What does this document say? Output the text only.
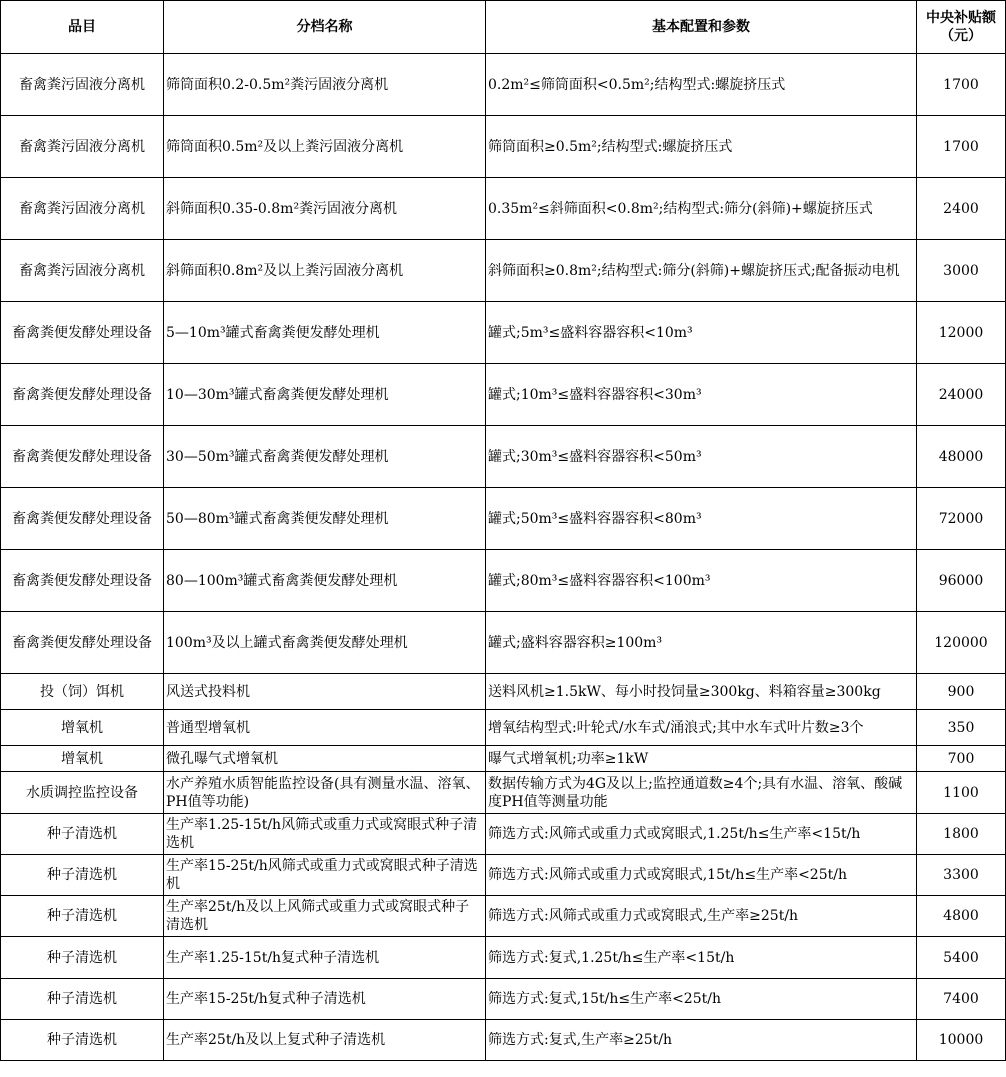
品目	分档名称	基本配置和参数	中央补贴额（元）
畜禽粪污固液分离机	筛筒面积0.2-0.5m²粪污固液分离机	0.2m²≤筛筒面积<0.5m²;结构型式:螺旋挤压式	1700
畜禽粪污固液分离机	筛筒面积0.5m²及以上粪污固液分离机	筛筒面积≥0.5m²;结构型式:螺旋挤压式	1700
畜禽粪污固液分离机	斜筛面积0.35-0.8m²粪污固液分离机	0.35m²≤斜筛面积<0.8m²;结构型式:筛分(斜筛)+螺旋挤压式	2400
畜禽粪污固液分离机	斜筛面积0.8m²及以上粪污固液分离机	斜筛面积≥0.8m²;结构型式:筛分(斜筛)+螺旋挤压式;配备振动电机	3000
畜禽粪便发酵处理设备	5—10m³罐式畜禽粪便发酵处理机	罐式;5m³≤盛料容器容积<10m³	12000
畜禽粪便发酵处理设备	10—30m³罐式畜禽粪便发酵处理机	罐式;10m³≤盛料容器容积<30m³	24000
畜禽粪便发酵处理设备	30—50m³罐式畜禽粪便发酵处理机	罐式;30m³≤盛料容器容积<50m³	48000
畜禽粪便发酵处理设备	50—80m³罐式畜禽粪便发酵处理机	罐式;50m³≤盛料容器容积<80m³	72000
畜禽粪便发酵处理设备	80—100m³罐式畜禽粪便发酵处理机	罐式;80m³≤盛料容器容积<100m³	96000
畜禽粪便发酵处理设备	100m³及以上罐式畜禽粪便发酵处理机	罐式;盛料容器容积≥100m³	120000
投（饲）饵机	风送式投料机	送料风机≥1.5kW、每小时投饲量≥300kg、料箱容量≥300kg	900
增氧机	普通型增氧机	增氧结构型式:叶轮式/水车式/涌浪式;其中水车式叶片数≥3个	350
增氧机	微孔曝气式增氧机	曝气式增氧机;功率≥1kW	700
水质调控监控设备	水产养殖水质智能监控设备(具有测量水温、溶氧、PH值等功能)	数据传输方式为4G及以上;监控通道数≥4个;具有水温、溶氧、酸碱度PH值等测量功能	1100
种子清选机	生产率1.25-15t/h风筛式或重力式或窝眼式种子清选机	筛选方式:风筛式或重力式或窝眼式,1.25t/h≤生产率<15t/h	1800
种子清选机	生产率15-25t/h风筛式或重力式或窝眼式种子清选机	筛选方式:风筛式或重力式或窝眼式,15t/h≤生产率<25t/h	3300
种子清选机	生产率25t/h及以上风筛式或重力式或窝眼式种子清选机	筛选方式:风筛式或重力式或窝眼式,生产率≥25t/h	4800
种子清选机	生产率1.25-15t/h复式种子清选机	筛选方式:复式,1.25t/h≤生产率<15t/h	5400
种子清选机	生产率15-25t/h复式种子清选机	筛选方式:复式,15t/h≤生产率<25t/h	7400
种子清选机	生产率25t/h及以上复式种子清选机	筛选方式:复式,生产率≥25t/h	10000
